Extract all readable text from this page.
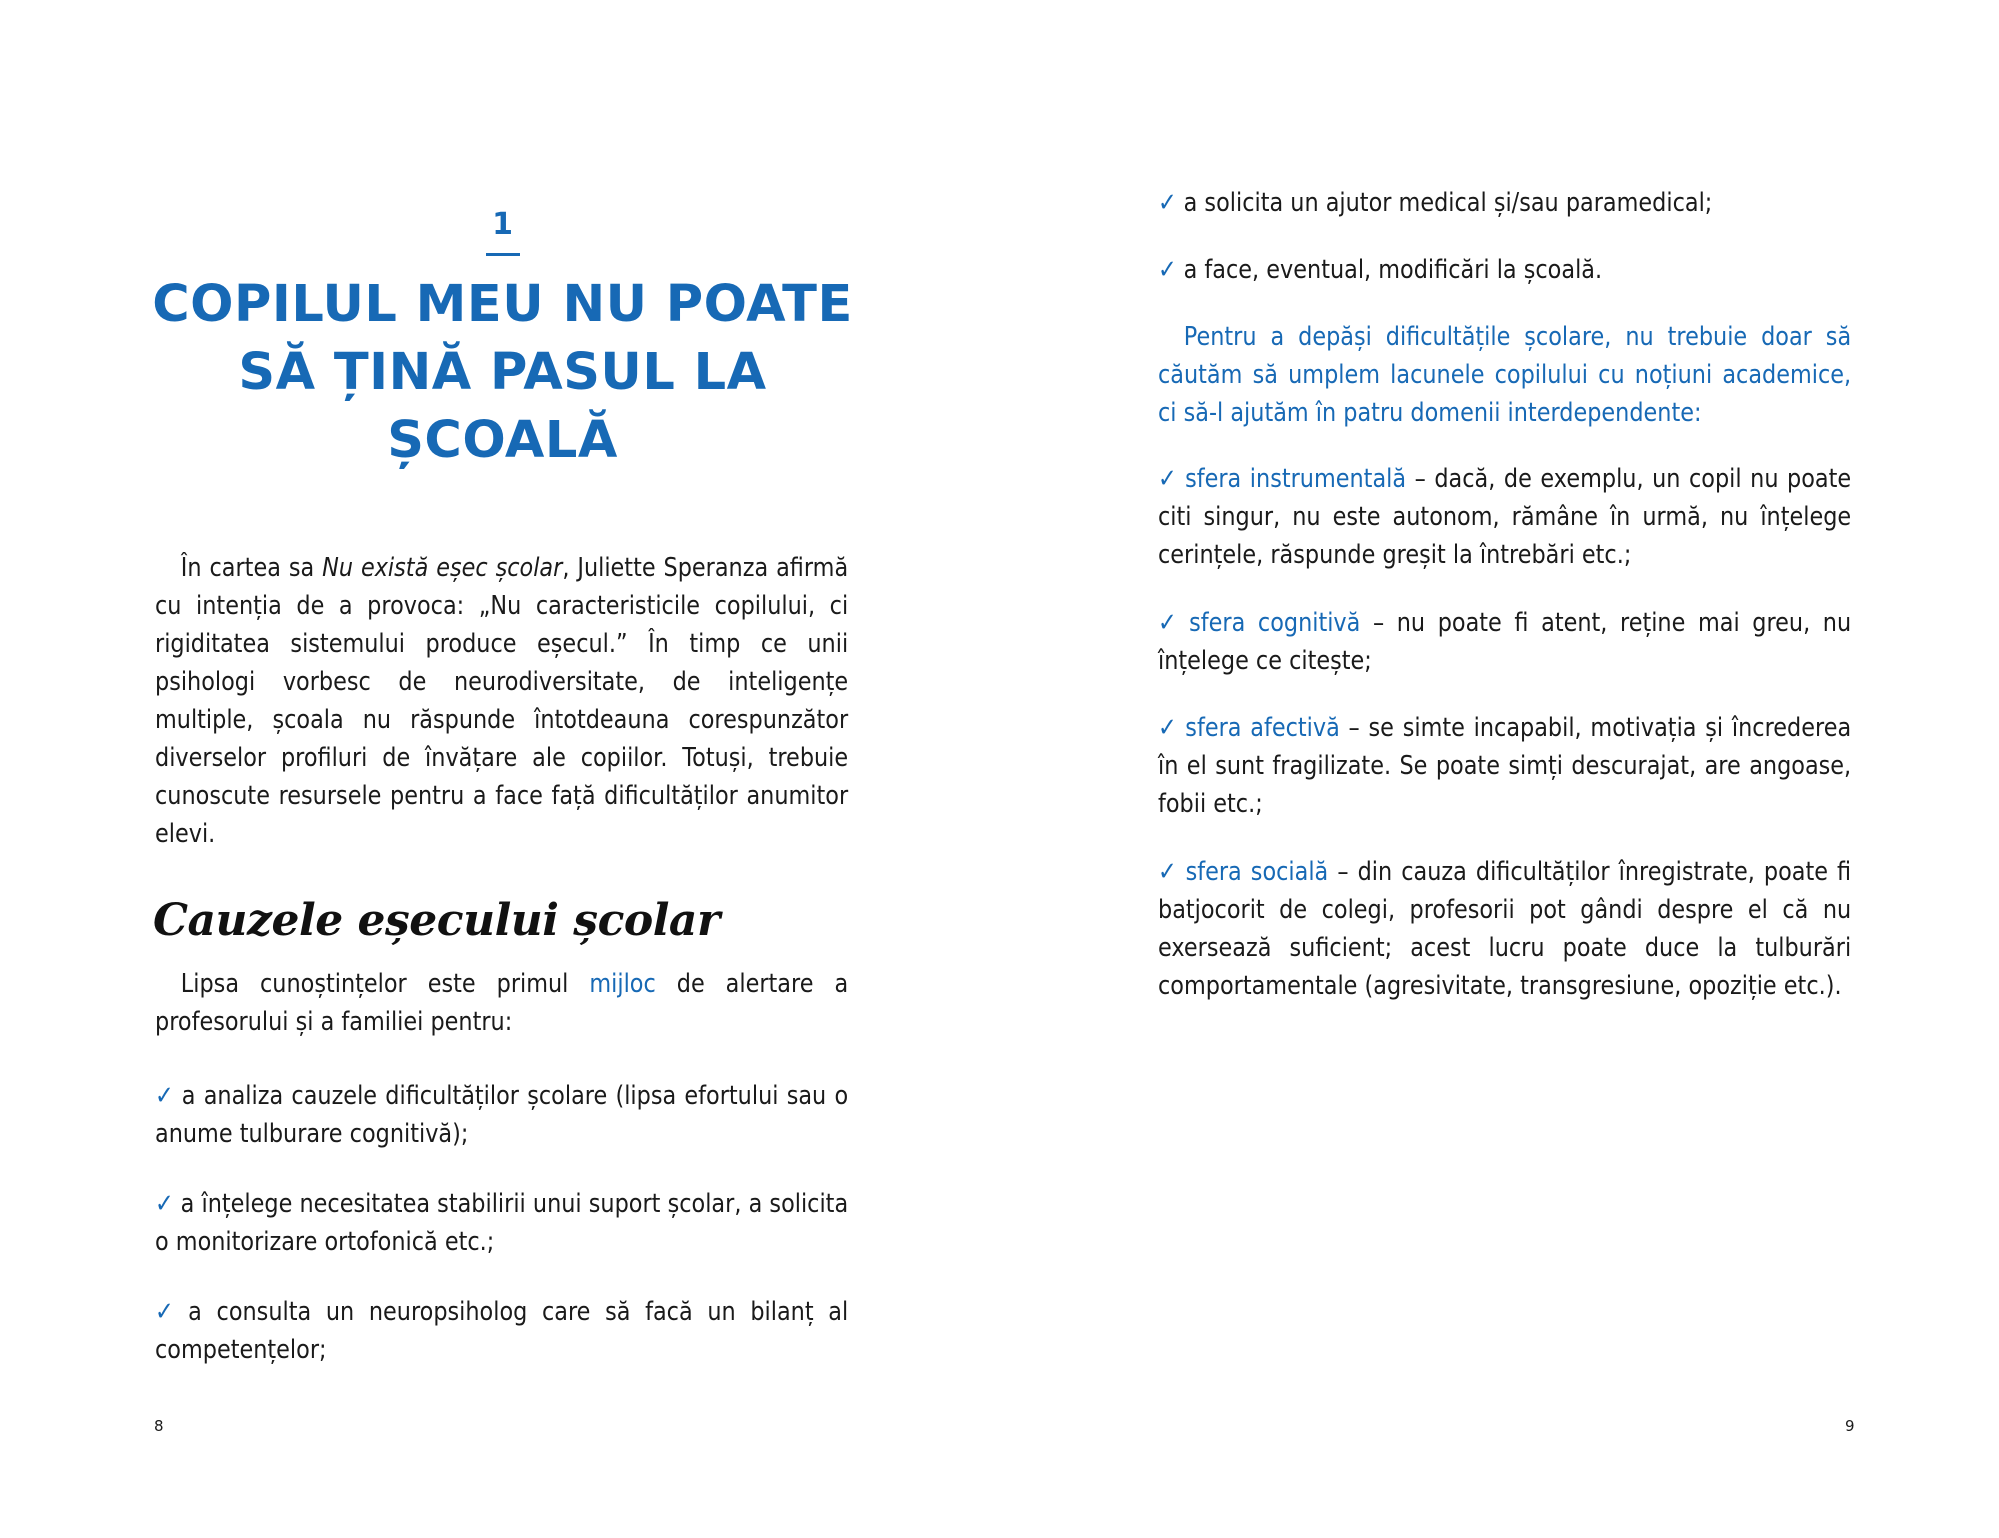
1
COPILUL MEU NU POATE
SĂ ȚINĂ PASUL LA ȘCOALĂ
În cartea sa Nu există eșec școlar, Juliette Speranza afirmă cu intenția de a provoca: „Nu caracteristicile copilului, ci rigiditatea sistemului produce eșecul.” În timp ce unii psihologi vorbesc de neurodiversitate, de inteligențe multiple, școala nu răspunde întotdeauna corespunzător diverselor profiluri de învățare ale copiilor. Totuși, trebuie cunoscute resursele pentru a face față dificultăților anumitor elevi.
Cauzele eșecului școlar
Lipsa cunoștințelor este primul mijloc de alertare a profesorului și a familiei pentru:
✓ a analiza cauzele dificultăților școlare (lipsa efortului sau o anume tulburare cognitivă);
✓ a înțelege necesitatea stabilirii unui suport școlar, a solicita o monitorizare ortofonică etc.;
✓ a consulta un neuropsiholog care să facă un bilanț al competențelor;
8
✓ a solicita un ajutor medical și/sau paramedical;
✓ a face, eventual, modificări la școală.
Pentru a depăși dificultățile școlare, nu trebuie doar să căutăm să umplem lacunele copilului cu noțiuni academice, ci să-l ajutăm în patru domenii interdependente:
✓ sfera instrumentală – dacă, de exemplu, un copil nu poate citi singur, nu este autonom, rămâne în urmă, nu înțelege cerințele, răspunde greșit la întrebări etc.;
✓ sfera cognitivă – nu poate fi atent, reține mai greu, nu înțelege ce citește;
✓ sfera afectivă – se simte incapabil, motivația și încrederea în el sunt fragilizate. Se poate simți descurajat, are angoase, fobii etc.;
✓ sfera socială – din cauza dificultăților înregistrate, poate fi batjocorit de colegi, profesorii pot gândi despre el că nu exersează suficient; acest lucru poate duce la tulburări comportamentale (agresivitate, transgresiune, opoziție etc.).
9
